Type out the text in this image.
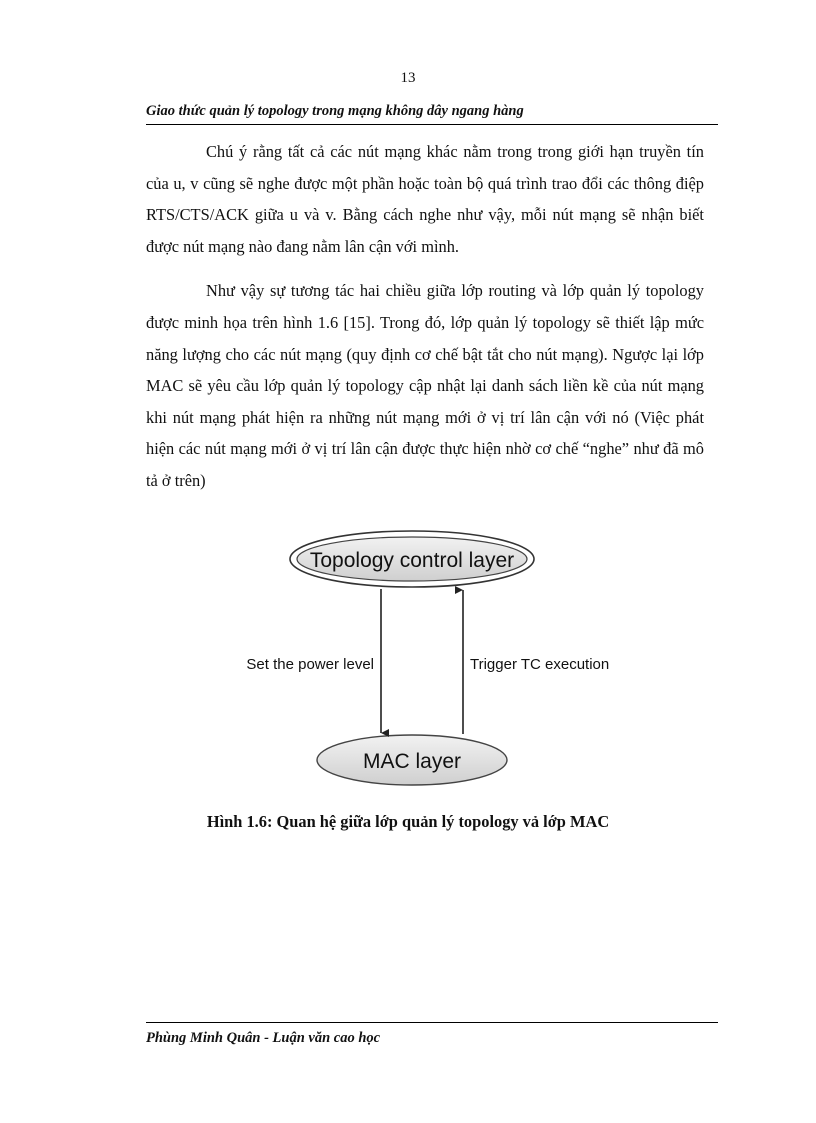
13
Giao thức quản lý topology trong mạng không dây ngang hàng

Chú ý rằng tất cả các nút mạng khác nằm trong trong giới hạn truyền tín của u, v cũng sẽ nghe được một phần hoặc toàn bộ quá trình trao đổi các thông điệp RTS/CTS/ACK giữa u và v. Bằng cách nghe như vậy, mỗi nút mạng sẽ nhận biết được nút mạng nào đang nằm lân cận với mình.

Như vậy sự tương tác hai chiều giữa lớp routing và lớp quản lý topology được minh họa trên hình 1.6 [15]. Trong đó, lớp quản lý topology sẽ thiết lập mức năng lượng cho các nút mạng (quy định cơ chế bật tắt cho nút mạng). Ngược lại lớp MAC sẽ yêu cầu lớp quản lý topology cập nhật lại danh sách liền kề của nút mạng khi nút mạng phát hiện ra những nút mạng mới ở vị trí lân cận với nó (Việc phát hiện các nút mạng mới ở vị trí lân cận được thực hiện nhờ cơ chế “nghe” như đã mô tả ở trên)

Topology control layer
MAC layer
Set the power level	Trigger TC execution
Hình 1.6: Quan hệ giữa lớp quản lý topology vả lớp MAC
Phùng Minh Quân - Luận văn cao học
